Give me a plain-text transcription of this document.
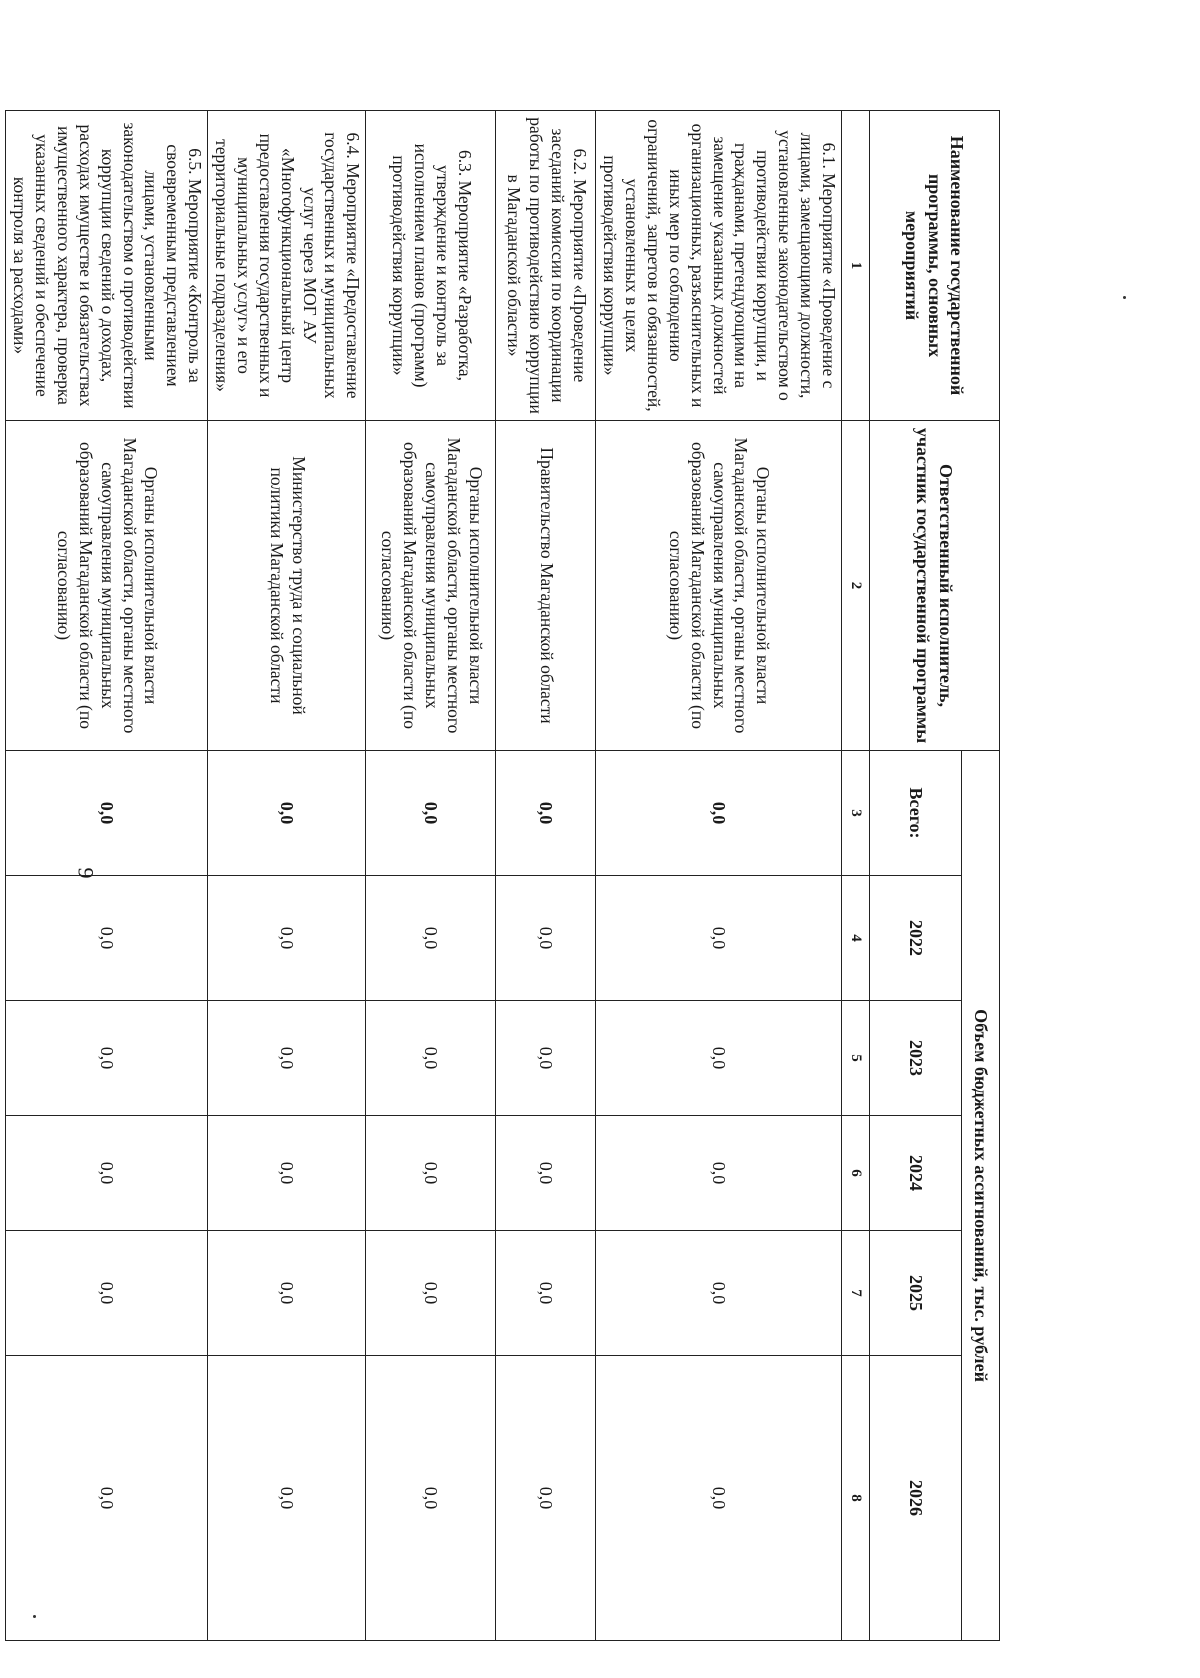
9
Наименование государственной программы, основных мероприятий	Ответственный исполнитель, участник государственной программы	Объем бюджетных ассигнований, тыс. рублей					
		Всего:	2022	2023	2024	2025	2026
1	2	3	4	5	6	7	8
6.1. Мероприятие «Проведение с лицами, замещающими должности, установленные законодательством о противодействии коррупции, и гражданами, претендующими на замещение указанных должностей организационных, разъяснительных и иных мер по соблюдению ограничений, запретов и обязанностей, установленных в целях противодействия коррупции»	Органы исполнительной власти Магаданской области, органы местного самоуправления муниципальных образований Магаданской области (по согласованию)	0,0	0,0	0,0	0,0	0,0	0,0
6.2. Мероприятие «Проведение заседаний комиссии по координации работы по противодействию коррупции в Магаданской области»	Правительство Магаданской области	0,0	0,0	0,0	0,0	0,0	0,0
6.3. Мероприятие «Разработка, утверждение и контроль за исполнением планов (программ) противодействия коррупции»	Органы исполнительной власти Магаданской области, органы местного самоуправления муниципальных образований Магаданской области (по согласованию)	0,0	0,0	0,0	0,0	0,0	0,0
6.4. Мероприятие «Предоставление государственных и муниципальных услуг через МОГ АУ «Многофункциональный центр предоставления государственных и муниципальных услуг» и его территориальные подразделения»	Министерство труда и социальной политики Магаданской области	0,0	0,0	0,0	0,0	0,0	0,0
6.5. Мероприятие «Контроль за своевременным представлением лицами, установленными законодательством о противодействии коррупции сведений о доходах, расходах имуществе и обязательствах имущественного характера, проверка указанных сведений и обеспечение контроля за расходами»	Органы исполнительной власти Магаданской области, органы местного самоуправления муниципальных образований Магаданской области (по согласованию)	0,0	0,0	0,0	0,0	0,0	0,0
